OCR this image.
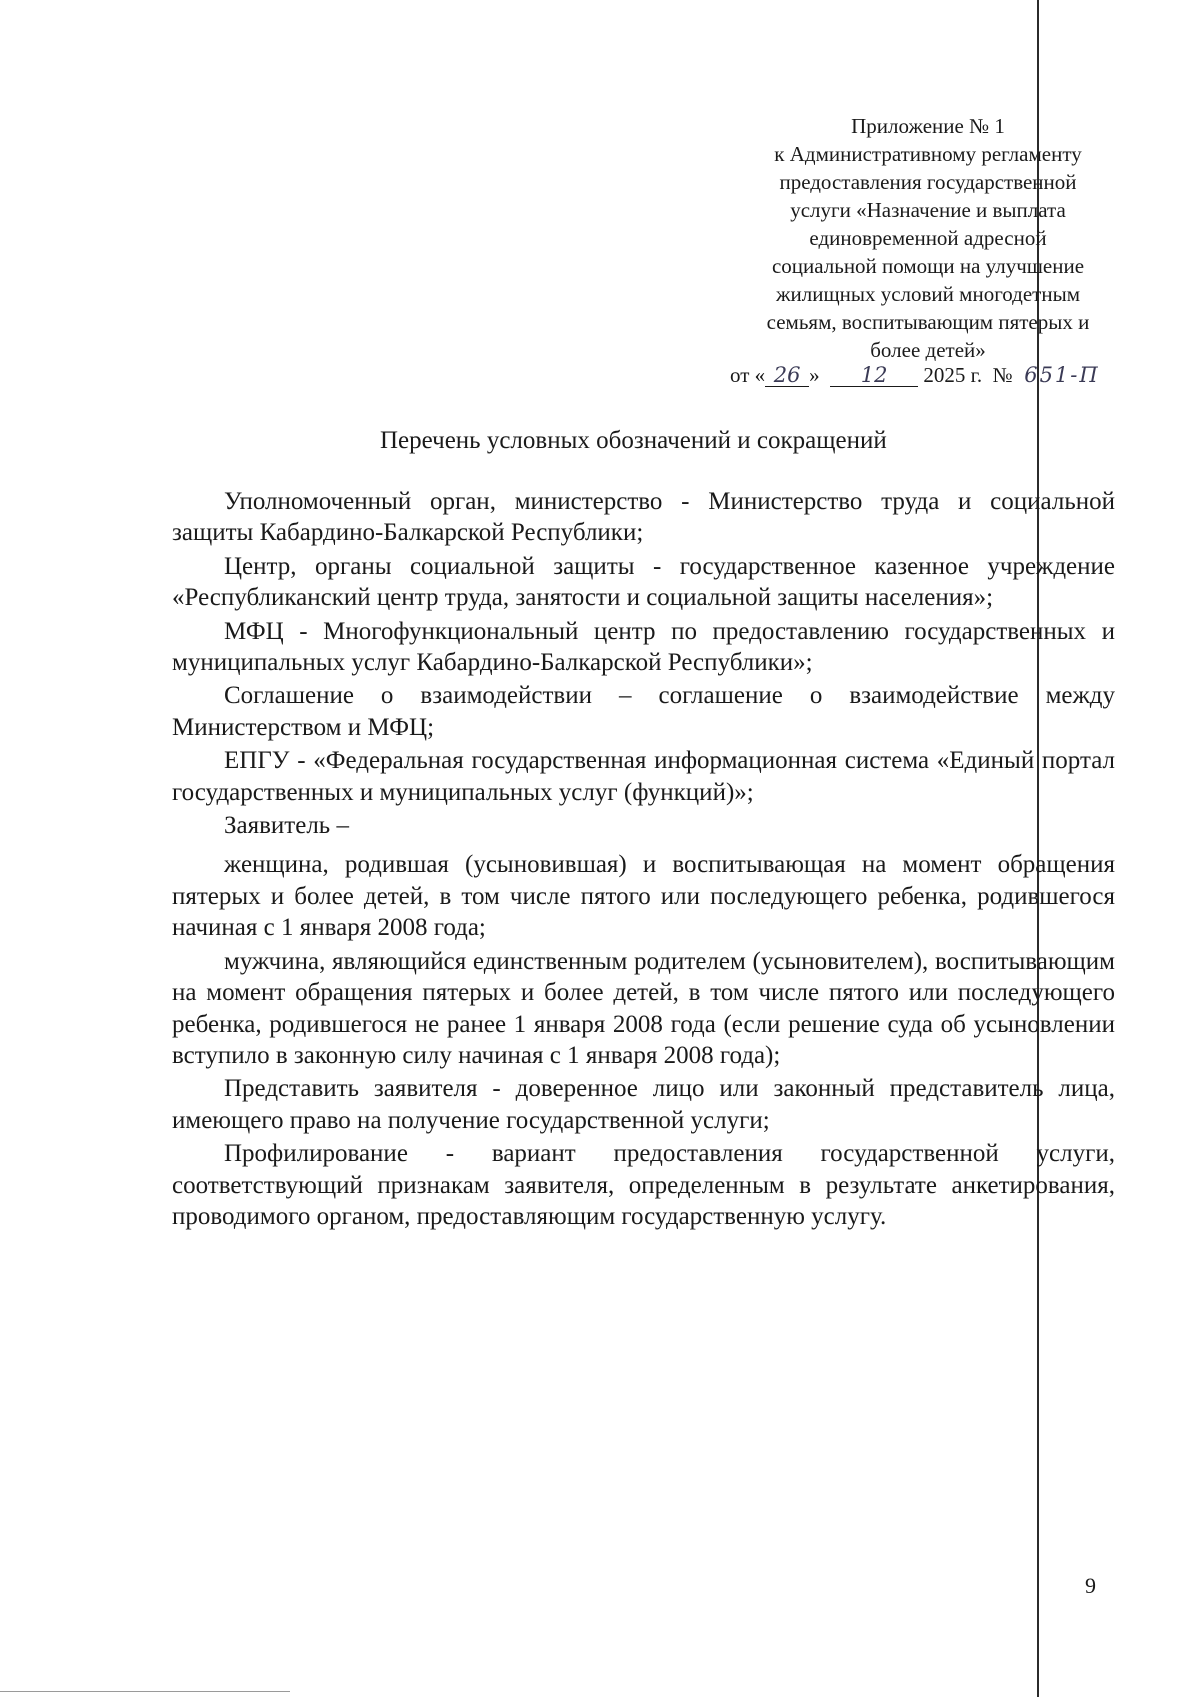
Приложение № 1
к Административному регламенту
предоставления государственной
услуги «Назначение и выплата
единовременной адресной
социальной помощи на улучшение
жилищных условий многодетным
семьям, воспитывающим пятерых и
более детей»
от « 26 » 12 2025 г. № 651-П
Перечень условных обозначений и сокращений

Уполномоченный орган, министерство - Министерство труда и социальной защиты Кабардино-Балкарской Республики;

Центр, органы социальной защиты - государственное казенное учреждение «Республиканский центр труда, занятости и социальной защиты населения»;

МФЦ - Многофункциональный центр по предоставлению государственных и муниципальных услуг Кабардино-Балкарской Республики»;

Соглашение о взаимодействии – соглашение о взаимодействие между Министерством и МФЦ;

ЕПГУ - «Федеральная государственная информационная система «Единый портал государственных и муниципальных услуг (функций)»;

Заявитель –

женщина, родившая (усыновившая) и воспитывающая на момент обращения пятерых и более детей, в том числе пятого или последующего ребенка, родившегося начиная с 1 января 2008 года;

мужчина, являющийся единственным родителем (усыновителем), воспитывающим на момент обращения пятерых и более детей, в том числе пятого или последующего ребенка, родившегося не ранее 1 января 2008 года (если решение суда об усыновлении вступило в законную силу начиная с 1 января 2008 года);

Представить заявителя - доверенное лицо или законный представитель лица, имеющего право на получение государственной услуги;

Профилирование - вариант предоставления государственной услуги, соответствующий признакам заявителя, определенным в результате анкетирования, проводимого органом, предоставляющим государственную услугу.

9
